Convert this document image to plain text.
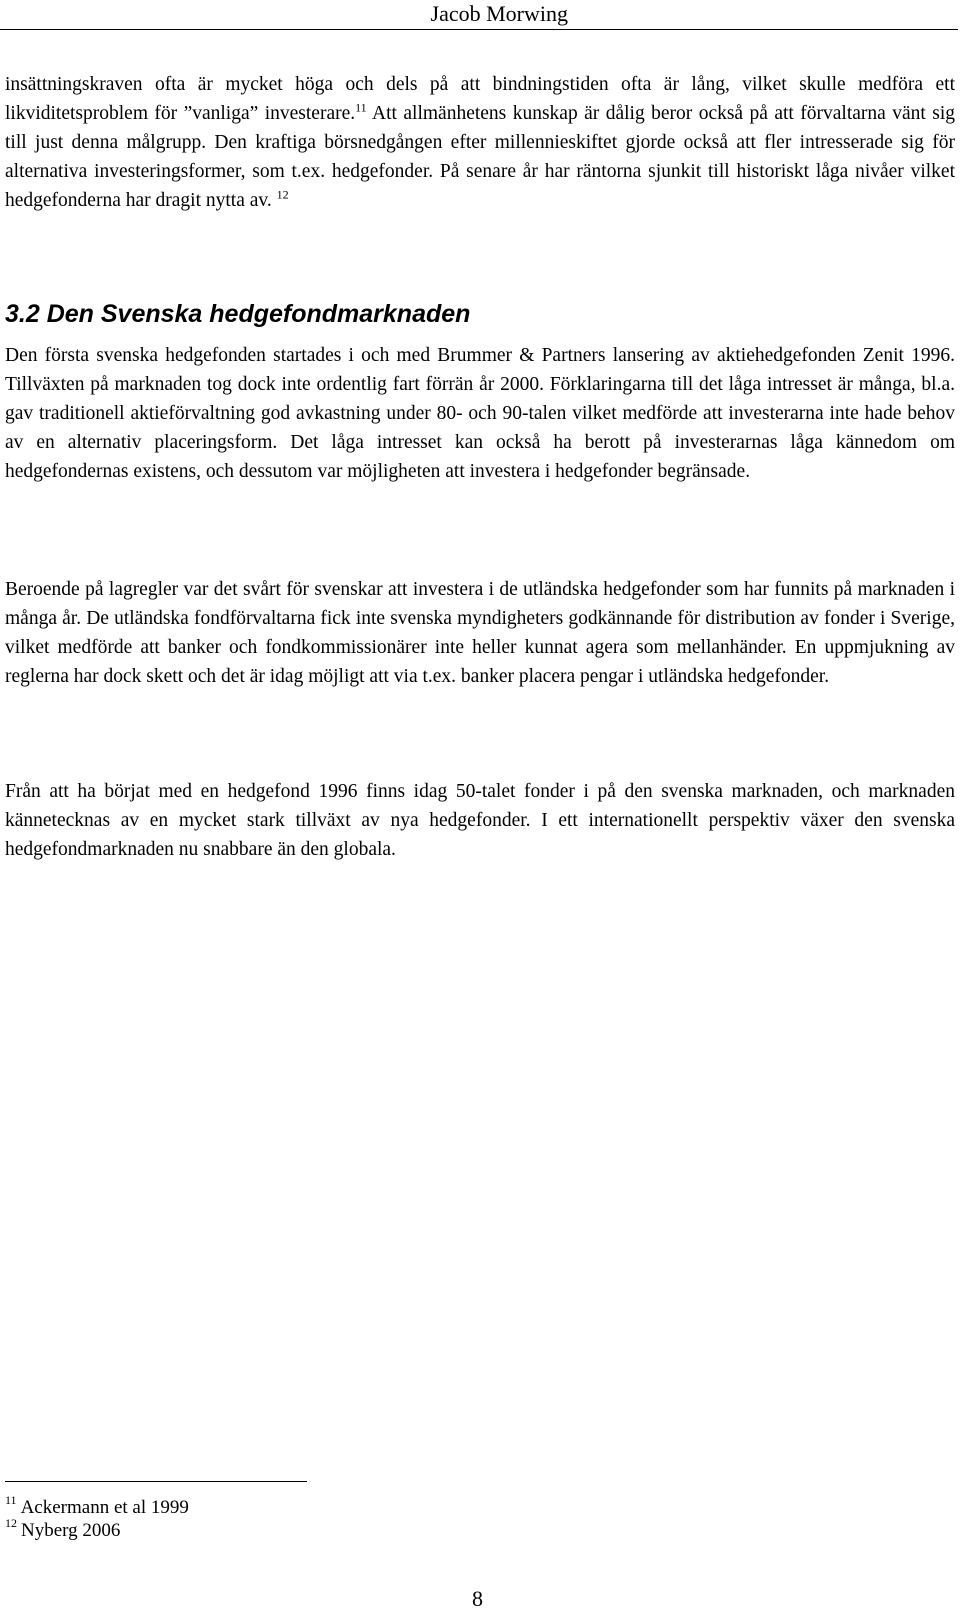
Jacob Morwing

insättningskraven ofta är mycket höga och dels på att bindningstiden ofta är lång, vilket skulle medföra ett likviditetsproblem för ”vanliga” investerare.$^{11}$ Att allmänhetens kunskap är dålig beror också på att förvaltarna vänt sig till just denna målgrupp. Den kraftiga börsnedgången efter millennieskiftet gjorde också att fler intresserade sig för alternativa investeringsformer, som t.ex. hedgefonder. På senare år har räntorna sjunkit till historiskt låga nivåer vilket hedgefonderna har dragit nytta av. $^{12}$

3.2 Den Svenska hedgefondmarknaden

Den första svenska hedgefonden startades i och med Brummer & Partners lansering av aktiehedgefonden Zenit 1996. Tillväxten på marknaden tog dock inte ordentlig fart förrän år 2000. Förklaringarna till det låga intresset är många, bl.a. gav traditionell aktieförvaltning god avkastning under 80- och 90-talen vilket medförde att investerarna inte hade behov av en alternativ placeringsform. Det låga intresset kan också ha berott på investerarnas låga kännedom om hedgefondernas existens, och dessutom var möjligheten att investera i hedgefonder begränsade.

Beroende på lagregler var det svårt för svenskar att investera i de utländska hedgefonder som har funnits på marknaden i många år. De utländska fondförvaltarna fick inte svenska myndigheters godkännande för distribution av fonder i Sverige, vilket medförde att banker och fondkommissionärer inte heller kunnat agera som mellanhänder. En uppmjukning av reglerna har dock skett och det är idag möjligt att via t.ex. banker placera pengar i utländska hedgefonder.

Från att ha börjat med en hedgefond 1996 finns idag 50-talet fonder i på den svenska marknaden, och marknaden kännetecknas av en mycket stark tillväxt av nya hedgefonder. I ett internationellt perspektiv växer den svenska hedgefondmarknaden nu snabbare än den globala.

$^{11}$ Ackermann et al 1999
$^{12}$ Nyberg 2006
8
